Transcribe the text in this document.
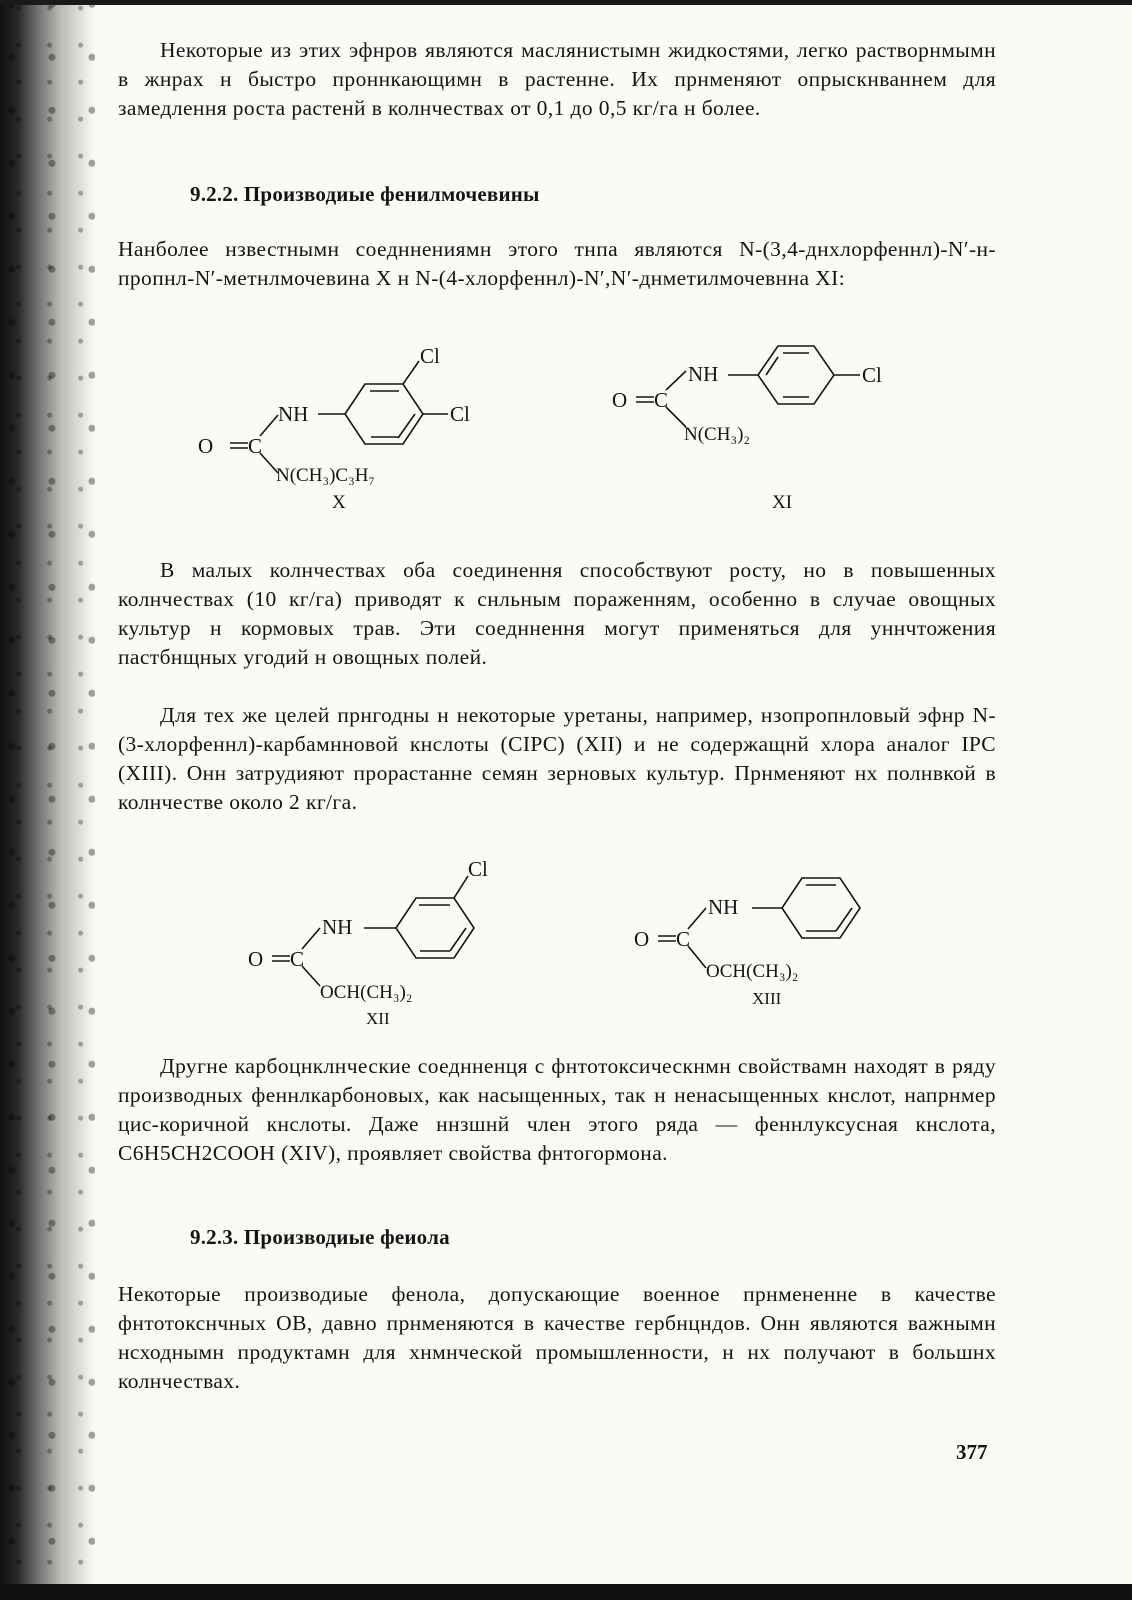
Некоторые из этих эфнров являются маслянистымн жидкостями, легко растворнмымн в жнрах н быстро проннкающимн в растенне. Их прнменяют опрыскнваннем для замедлення роста растенй в колнчествах от 0,1 до 0,5 кг/га н более.

9.2.2. Производиые фенилмочевины

Нанболее нзвестнымн соедннениямн этого тнпа являются N-(3,4-днхлорфеннл)-N′-н-пропнл-N′-метнлмочевина X н N-(4-хлорфеннл)-N′,N′-днметилмочевнна XI:

O C
NH
Cl
Cl
N(CH₃)C₃H₇
X
O C
NH	Cl
N(CH₃)₂
XI

В малых колнчествах оба соединення способствуют росту, но в повышенных колнчествах (10 кг/га) приводят к снльным пораженням, особенно в случае овощных культур н кормовых трав. Эти соедннення могут применяться для уннчтожения пастбнщных угодий н овощных полей.

Для тех же целей прнгодны н некоторые уретаны, например, нзопропнловый эфнр N-(3-хлорфеннл)-карбамнновой кнслоты (CIPC) (XII) и не содержащнй хлора аналог IPC (XIII). Онн затрудияют прорастанне семян зерновых культур. Прнменяют нх полнвкой в колнчестве около 2 кг/га.

O C
NH
Cl
OCH(CH₃)₂
XII
O C
NH
OCH(CH₃)₂
XIII

Другне карбоцнклнческие соеднненця с фнтотоксическнмн свойствамн находят в ряду производных феннлкарбоновых, как насыщенных, так н ненасыщенных кнслот, напрнмер цис-коричной кнслоты. Даже ннзшнй член этого ряда — феннлуксусная кнслота, C6H5CH2COOH (XIV), проявляет свойства фнтогормона.

9.2.3. Производиые феиола

Некоторые производиые фенола, допускающие военное прнмененне в качестве фнтотокснчных ОВ, давно прнменяются в качестве гербнцндов. Онн являются важнымн нсходнымн продуктамн для хнмнческой промышленности, н нх получают в большнх колнчествах.

377
